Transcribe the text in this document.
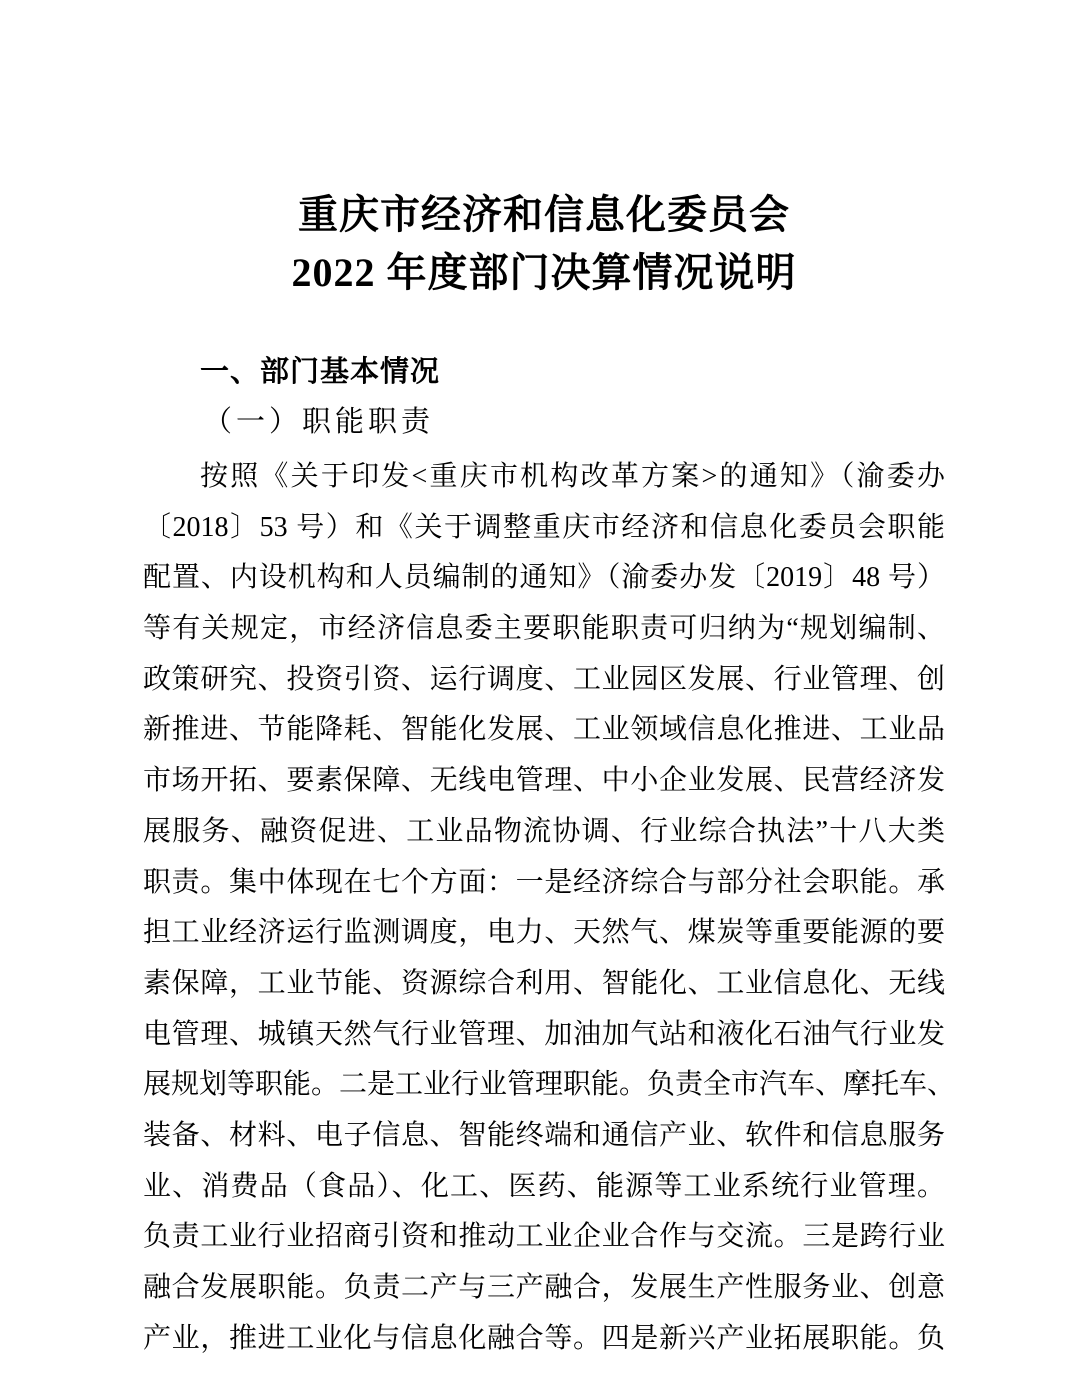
重庆市经济和信息化委员会
2022 年度部门决算情况说明
一、部门基本情况
（一）职能职责
按照《关于印发<重庆市机构改革方案>的通知》（渝委办
〔2018〕53 号）和《关于调整重庆市经济和信息化委员会职能
配置、内设机构和人员编制的通知》（渝委办发〔2019〕48 号）
等有关规定，市经济信息委主要职能职责可归纳为“规划编制、
政策研究、投资引资、运行调度、工业园区发展、行业管理、创
新推进、节能降耗、智能化发展、工业领域信息化推进、工业品
市场开拓、要素保障、无线电管理、中小企业发展、民营经济发
展服务、融资促进、工业品物流协调、行业综合执法”十八大类
职责。集中体现在七个方面：一是经济综合与部分社会职能。承
担工业经济运行监测调度，电力、天然气、煤炭等重要能源的要
素保障，工业节能、资源综合利用、智能化、工业信息化、无线
电管理、城镇天然气行业管理、加油加气站和液化石油气行业发
展规划等职能。二是工业行业管理职能。负责全市汽车、摩托车、
装备、材料、电子信息、智能终端和通信产业、软件和信息服务
业、消费品（食品）、化工、医药、能源等工业系统行业管理。
负责工业行业招商引资和推动工业企业合作与交流。三是跨行业
融合发展职能。负责二产与三产融合，发展生产性服务业、创意
产业，推进工业化与信息化融合等。四是新兴产业拓展职能。负
